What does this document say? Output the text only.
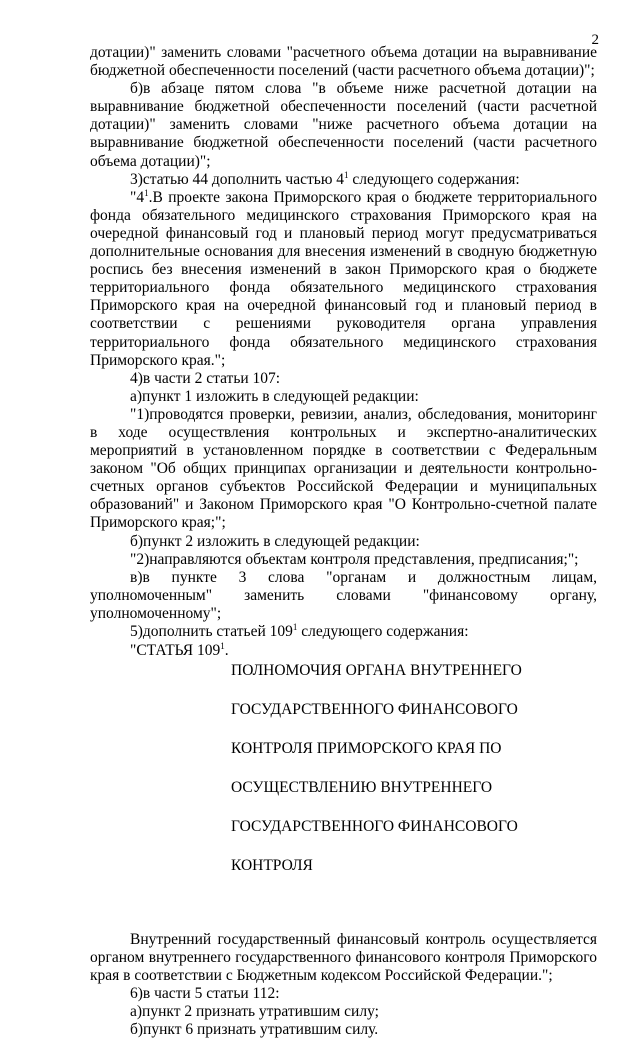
2

дотации)" заменить словами "расчетного объема дотации на выравнивание бюджетной обеспеченности поселений (части расчетного объема дотации)";

б)в абзаце пятом слова "в объеме ниже расчетной дотации на выравнивание бюджетной обеспеченности поселений (части расчетной дотации)" заменить словами "ниже расчетного объема дотации на выравнивание бюджетной обеспеченности поселений (части расчетного объема дотации)";

3)статью 44 дополнить частью $4^1$ следующего содержания:

"$4^1.В$ проекте закона Приморского края о бюджете территориального фонда обязательного медицинского страхования Приморского края на очередной финансовый год и плановый период могут предусматриваться дополнительные основания для внесения изменений в сводную бюджетную роспись без внесения изменений в закон Приморского края о бюджете территориального фонда обязательного медицинского страхования Приморского края на очередной финансовый год и плановый период в соответствии с решениями руководителя органа управления территориального фонда обязательного медицинского страхования Приморского края.";

4)в части 2 статьи 107:

а)пункт 1 изложить в следующей редакции:

"1)проводятся проверки, ревизии, анализ, обследования, мониторинг в ходе осуществления контрольных и экспертно-аналитических мероприятий в установленном порядке в соответствии с Федеральным законом "Об общих принципах организации и деятельности контрольно-счетных органов субъектов Российской Федерации и муниципальных образований" и Законом Приморского края "О Контрольно-счетной палате Приморского края;";

б)пункт 2 изложить в следующей редакции:

"2)направляются объектам контроля представления, предписания;";

в)в пункте 3 слова "органам и должностным лицам, уполномоченным" заменить словами "финансовому органу, уполномоченному";

5)дополнить статьей $109^1$ следующего содержания:

"СТАТЬЯ $109^1$.

ПОЛНОМОЧИЯ ОРГАНА ВНУТРЕННЕГО

ГОСУДАРСТВЕННОГО ФИНАНСОВОГО

КОНТРОЛЯ ПРИМОРСКОГО КРАЯ ПО

ОСУЩЕСТВЛЕНИЮ ВНУТРЕННЕГО

ГОСУДАРСТВЕННОГО ФИНАНСОВОГО

КОНТРОЛЯ

Внутренний государственный финансовый контроль осуществляется органом внутреннего государственного финансового контроля Приморского края в соответствии с Бюджетным кодексом Российской Федерации.";

6)в части 5 статьи 112:

а)пункт 2 признать утратившим силу;

б)пункт 6 признать утратившим силу.
